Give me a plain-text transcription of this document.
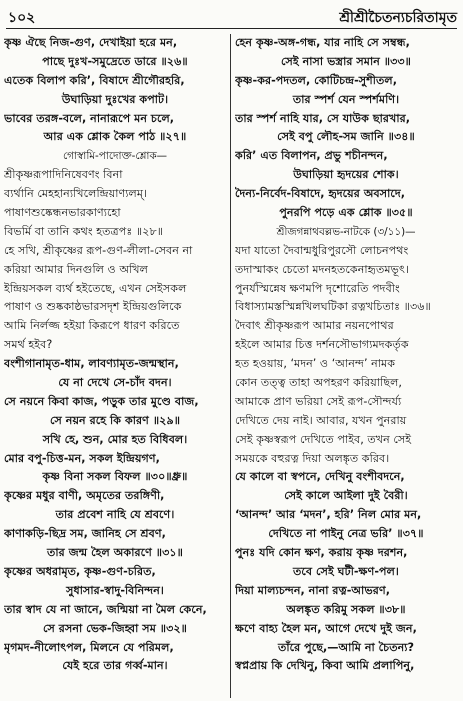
১০২	শ্রীশ্রীচৈতন্যচরিতামৃত
কৃষ্ণ ঐছে নিজ-গুণ, দেখাইয়া হরে মন,
পাছে দুঃখ-সমুদ্রেতে ডারে ॥২৬॥
এতেক বিলাপ করি’, বিষাদে শ্রীগৌরহরি,
উঘাড়িয়া দুঃখের কপাট।
ভাবের তরঙ্গ-বলে, নানারূপে মন চলে,
আর এক শ্লোক কৈল পাঠ ॥২৭॥
গোস্বামি-পাদোক্ত-শ্লোক—
শ্রীকৃষ্ণরূপাদিনিষেবণং বিনা
ব্যর্থানি মেহহান্যখিলেন্দ্রিয়াণ্যলম্।
পাষাণশুষ্কেন্ধনভারকাণ্যহো
বিভর্মি বা তানি কথং হতত্রপঃ ॥২৮॥
হে সখি, শ্রীকৃষ্ণের রূপ-গুণ-লীলা-সেবন না
করিয়া আমার দিনগুলি ও অখিল
ইন্দ্রিয়সকল ব্যর্থ হইতেছে, এখন সেইসকল
পাষাণ ও শুষ্ককাষ্ঠভারসদৃশ ইন্দ্রিয়গুলিকে
আমি নির্লজ্জ হইয়া কিরূপে ধারণ করিতে
সমর্থ হইব?
বংশীগানামৃত-ধাম, লাবণ্যামৃত-জন্মস্থান,
যে না দেখে সে-চাঁদ বদন।
সে নয়নে কিবা কাজ, পড়ুক তার মুণ্ডে বাজ,
সে নয়ন রহে কি কারণ ॥২৯॥
সখি হে, শুন, মোর হত বিধিবল।
মোর বপু-চিত্ত-মন, সকল ইন্দ্রিয়গণ,
কৃষ্ণ বিনা সকল বিফল ॥৩০॥ধ্রু॥
কৃষ্ণের মধুর বাণী, অমৃতের তরঙ্গিণী,
তার প্রবেশ নাহি যে শ্রবণে।
কাণাকড়ি-ছিদ্র সম, জানিহ সে শ্রবণ,
তার জন্ম হৈল অকারণে ॥৩১॥
কৃষ্ণের অধরামৃত, কৃষ্ণ-গুণ-চরিত,
সুধাসার-স্বাদু-বিনিন্দন।
তার স্বাদ যে না জানে, জন্মিয়া না মৈল কেনে,
সে রসনা ভেক-জিহ্বা সম ॥৩২॥
মৃগমদ-নীলোৎপল, মিলনে যে পরিমল,
যেই হরে তার গর্ব্ব-মান।
হেন কৃষ্ণ-অঙ্গ-গন্ধ, যার নাহি সে সম্বন্ধ,
সেই নাসা ভস্ত্রার সমান ॥৩৩॥
কৃষ্ণ-কর-পদতল, কোটিচন্দ্র-সুশীতল,
তার স্পর্শ যেন স্পর্শমণি।
তার স্পর্শ নাহি যার, সে যাউক ছারখার,
সেই বপু লৌহ-সম জানি ॥৩৪॥
করি’ এত বিলাপন, প্রভু শচীনন্দন,
উঘাড়িয়া হৃদয়ের শোক।
দৈন্য-নির্বেদ-বিষাদে, হৃদয়ের অবসাদে,
পুনরপি পড়ে এক শ্লোক ॥৩৫॥
শ্রীজগন্নাথবল্লভ-নাটকে (৩/১১)—
যদা যাতো দৈবান্মধুরিপুরসৌ লোচনপথং
তদাস্মাকং চেতো মদনহতকেনাহৃতমভূৎ।
পুনর্যস্মিন্নেষ ক্ষণমপি দৃশোরেতি পদবীং
বিধাস্যামস্তস্মিন্নখিলঘটিকা রত্নখচিতাঃ ॥৩৬॥
দৈবাৎ শ্রীকৃষ্ণরূপ আমার নয়নপোথর
হইলে আমার চিত্ত দর্শনসৌভাগ্যমদকর্তৃক
হত হওয়ায়, ‘মদন’ ও ‘আনন্দ’ নামক
কোন তত্ত্ব তাহা অপহরণ করিয়াছিল,
আমাকে প্রাণ ভরিয়া সেই রূপ-সৌন্দর্য্য
দেখিতে দেয় নাই। আবার, যখন পুনরায়
সেই কৃষ্ণস্বরূপ দেখিতে পাইব, তখন সেই
সময়কে বহুরত্ন দিয়া অলঙ্কৃত করিব।
যে কালে বা স্বপনে, দেখিনু বংশীবদনে,
সেই কালে আইলা দুই বৈরী।
‘আনন্দ’ আর ‘মদন’, হরি’ নিল মোর মন,
দেখিতে না পাইনু নেত্র ভরি’ ॥৩৭॥
পুনঃ যদি কোন ক্ষণ, করায় কৃষ্ণ দরশন,
তবে সেই ঘটী-ক্ষণ-পল।
দিয়া মাল্যচন্দন, নানা রত্ন-আভরণ,
অলঙ্কৃত করিমু সকল ॥৩৮॥
ক্ষণে বাহ্য হৈল মন, আগে দেখে দুই জন,
তাঁরে পুছে,—আমি না চৈতন্য?
স্বপ্নপ্রায় কি দেখিনু, কিবা আমি প্রলাপিনু,
